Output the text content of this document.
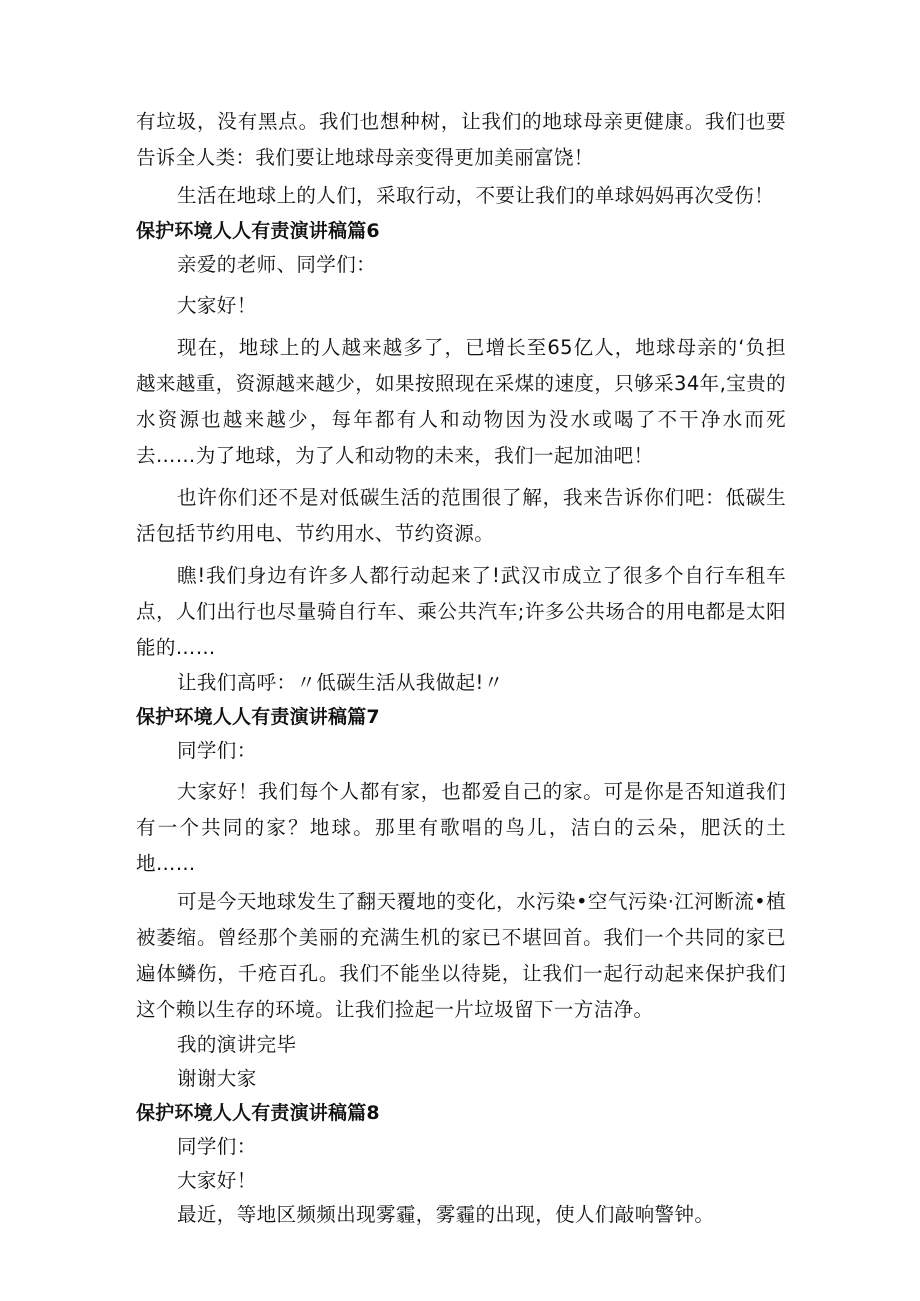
有垃圾，没有黑点。我们也想种树，让我们的地球母亲更健康。我们也要告诉全人类：我们要让地球母亲变得更加美丽富饶！

生活在地球上的人们，采取行动，不要让我们的单球妈妈再次受伤！

保护环境人人有责演讲稿篇6

亲爱的老师、同学们：

大家好！

现在，地球上的人越来越多了，已增长至65亿人，地球母亲的‘负担越来越重，资源越来越少，如果按照现在采煤的速度，只够采34年,宝贵的水资源也越来越少，每年都有人和动物因为没水或喝了不干净水而死去……为了地球，为了人和动物的未来，我们一起加油吧！

也许你们还不是对低碳生活的范围很了解，我来告诉你们吧：低碳生活包括节约用电、节约用水、节约资源。

瞧!我们身边有许多人都行动起来了!武汉市成立了很多个自行车租车点，人们出行也尽量骑自行车、乘公共汽车;许多公共场合的用电都是太阳能的……

让我们高呼：〃低碳生活从我做起!〃

保护环境人人有责演讲稿篇7

同学们：

大家好！我们每个人都有家，也都爱自己的家。可是你是否知道我们有一个共同的家？地球。那里有歌唱的鸟儿，洁白的云朵，肥沃的土地……

可是今天地球发生了翻天覆地的变化，水污染•空气污染·江河断流•植被萎缩。曾经那个美丽的充满生机的家已不堪回首。我们一个共同的家已遍体鳞伤，千疮百孔。我们不能坐以待毙，让我们一起行动起来保护我们这个赖以生存的环境。让我们捡起一片垃圾留下一方洁净。

我的演讲完毕

谢谢大家

保护环境人人有责演讲稿篇8

同学们：

大家好！

最近，等地区频频出现雾霾，雾霾的出现，使人们敲响警钟。
